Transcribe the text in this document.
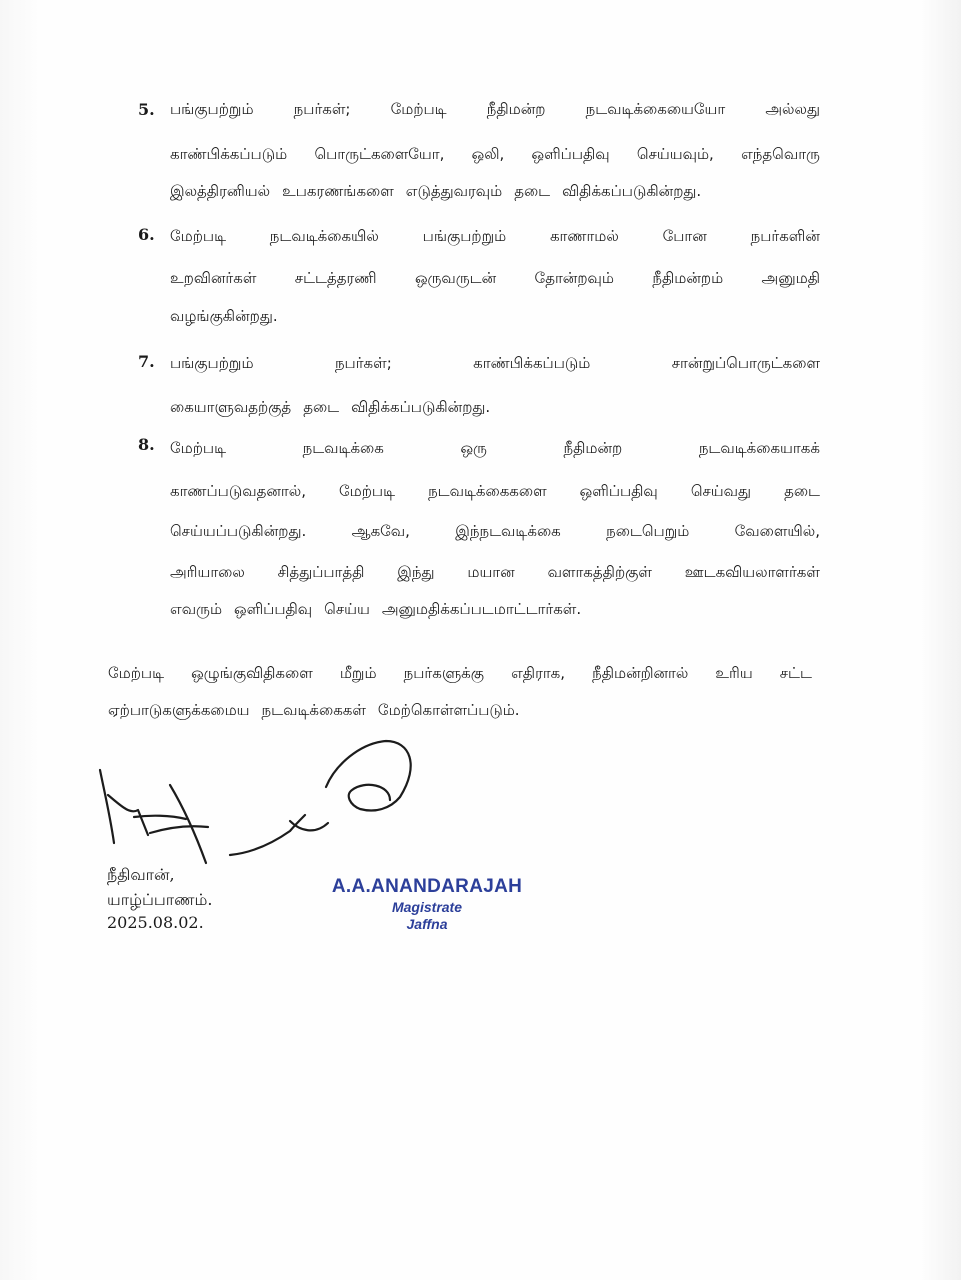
5. பங்குபற்றும்	நபர்கள்;	மேற்படி	நீதிமன்ற	நடவடிக்கையையோ	அல்லது
காண்பிக்கப்படும் பொருட்களையோ, ஒலி, ஒளிப்பதிவு செய்யவும், எந்தவொரு
இலத்திரனியல் உபகரணங்களை எடுத்துவரவும் தடை விதிக்கப்படுகின்றது.
6. மேற்படி	நடவடிக்கையில்	பங்குபற்றும்	காணாமல்	போன	நபர்களின்
உறவினர்கள்	சட்டத்தரணி	ஒருவருடன்	தோன்றவும்	நீதிமன்றம்	அனுமதி
வழங்குகின்றது.
7. பங்குபற்றும்	நபர்கள்;	காண்பிக்கப்படும்	சான்றுப்பொருட்களை
கையாளுவதற்குத் தடை விதிக்கப்படுகின்றது.
8. மேற்படி	நடவடிக்கை	ஒரு	நீதிமன்ற	நடவடிக்கையாகக்
காணப்படுவதனால், மேற்படி நடவடிக்கைகளை ஒளிப்பதிவு செய்வது தடை
செய்யப்படுகின்றது.	ஆகவே,	இந்நடவடிக்கை	நடைபெறும்	வேளையில்,
அரியாலை சித்துப்பாத்தி இந்து மயான வளாகத்திற்குள் ஊடகவியலாளர்கள்
எவரும் ஒளிப்பதிவு செய்ய அனுமதிக்கப்படமாட்டார்கள்.
மேற்படி ஒழுங்குவிதிகளை மீறும் நபர்களுக்கு எதிராக, நீதிமன்றினால் உரிய சட்ட
ஏற்பாடுகளுக்கமைய நடவடிக்கைகள் மேற்கொள்ளப்படும்.
நீதிவான்,
யாழ்ப்பாணம்.
2025.08.02.
A.A.ANANDARAJAH
Magistrate
Jaffna
